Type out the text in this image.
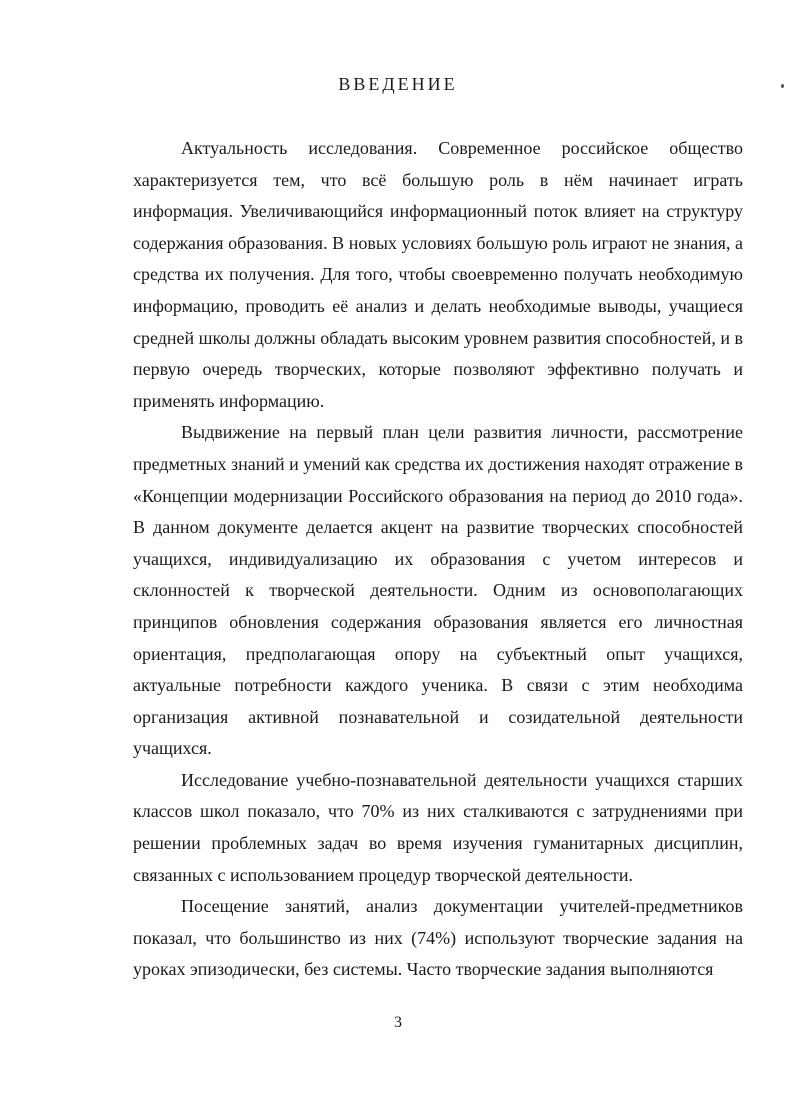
ВВЕДЕНИЕ

Актуальность исследования. Современное российское общество характеризуется тем, что всё большую роль в нём начинает играть информация. Увеличивающийся информационный поток влияет на структуру содержания образования. В новых условиях большую роль играют не знания, а средства их получения. Для того, чтобы своевременно получать необходимую информацию, проводить её анализ и делать необходимые выводы, учащиеся средней школы должны обладать высоким уровнем развития способностей, и в первую очередь творческих, которые позволяют эффективно получать и применять информацию.

Выдвижение на первый план цели развития личности, рассмотрение предметных знаний и умений как средства их достижения находят отражение в «Концепции модернизации Российского образования на период до 2010 года». В данном документе делается акцент на развитие творческих способностей учащихся, индивидуализацию их образования с учетом интересов и склонностей к творческой деятельности. Одним из основополагающих принципов обновления содержания образования является его личностная ориентация, предполагающая опору на субъектный опыт учащихся, актуальные потребности каждого ученика. В связи с этим необходима организация активной познавательной и созидательной деятельности учащихся.

Исследование учебно-познавательной деятельности учащихся старших классов школ показало, что 70% из них сталкиваются с затруднениями при решении проблемных задач во время изучения гуманитарных дисциплин, связанных с использованием процедур творческой деятельности.

Посещение занятий, анализ документации учителей-предметников показал, что большинство из них (74%) используют творческие задания на уроках эпизодически, без системы. Часто творческие задания выполняются

3
